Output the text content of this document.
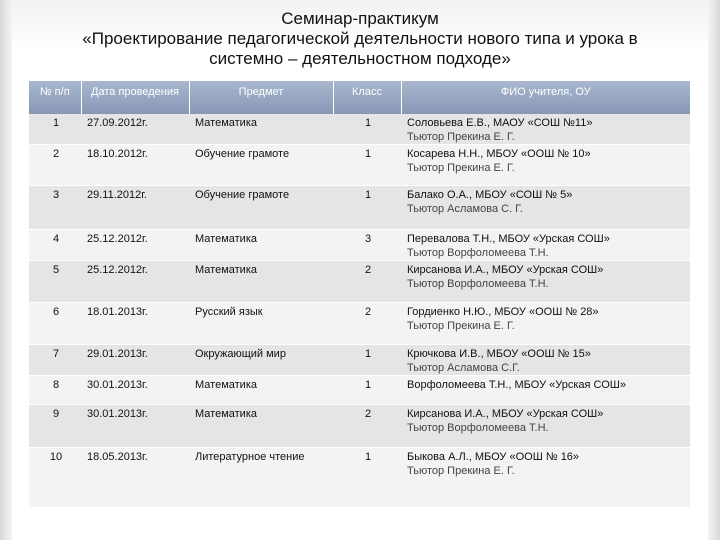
Семинар-практикум
«Проектирование педагогической деятельности нового типа и урока в
системно – деятельностном подходе»
№ п/п	Дата проведения	Предмет	Класс	ФИО учителя, ОУ
1	27.09.2012г.	Математика	1	Соловьева Е.В., МАОУ «СОШ №11»
Тьютор Прекина Е. Г.

2	18.10.2012г.	Обучение грамоте	1	Косарева Н.Н., МБОУ «ООШ № 10»
Тьютор Прекина Е. Г.

3	29.11.2012г.	Обучение грамоте	1	Балако О.А., МБОУ «СОШ № 5»
Тьютор Асламова С. Г.

4	25.12.2012г.	Математика	3	Перевалова Т.Н., МБОУ «Урская СОШ»
Тьютор Ворфоломеева Т.Н.

5	25.12.2012г.	Математика	2	Кирсанова И.А., МБОУ «Урская СОШ»
Тьютор Ворфоломеева Т.Н.

6	18.01.2013г.	Русский язык	2	Гордиенко Н.Ю., МБОУ «ООШ № 28»
Тьютор Прекина Е. Г.

7	29.01.2013г.	Окружающий мир	1	Крючкова И.В., МБОУ «ООШ № 15»
Тьютор Асламова С.Г.

8	30.01.2013г.	Математика	1	Ворфоломеева Т.Н., МБОУ «Урская СОШ»

9	30.01.2013г.	Математика	2	Кирсанова И.А., МБОУ «Урская СОШ»
Тьютор Ворфоломеева Т.Н.

10	18.05.2013г.	Литературное чтение	1	Быкова А.Л., МБОУ «ООШ № 16»
Тьютор Прекина Е. Г.
